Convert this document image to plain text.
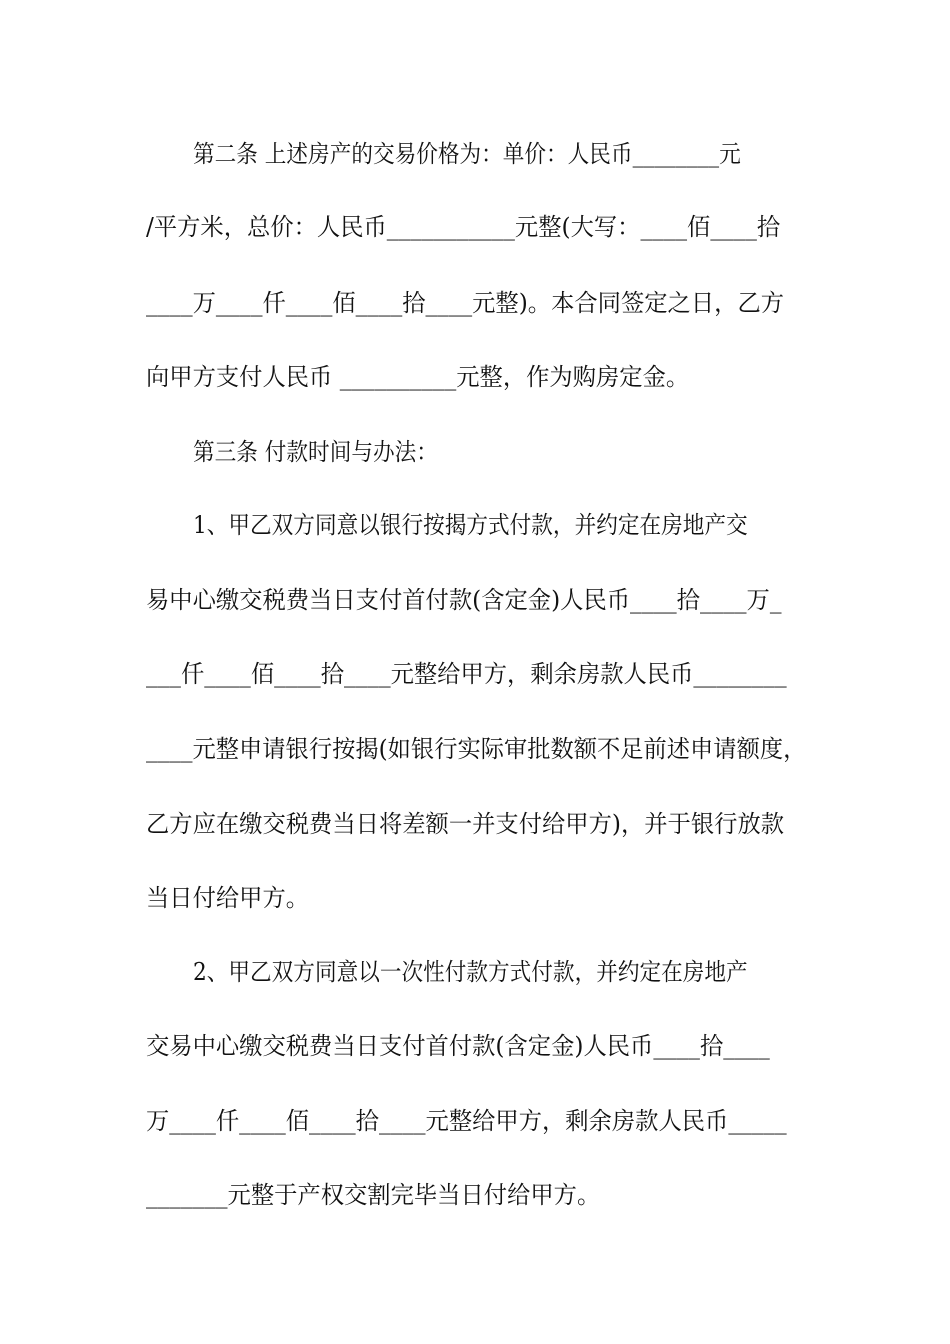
第二条 上述房产的交易价格为：单价：人民币________元
/平方米，总价：人民币___________元整(大写：____佰____拾
____万____仟____佰____拾____元整)。本合同签定之日，乙方
向甲方支付人民币 __________元整，作为购房定金。
第三条 付款时间与办法：
1、甲乙双方同意以银行按揭方式付款，并约定在房地产交
易中心缴交税费当日支付首付款(含定金)人民币____拾____万_
___仟____佰____拾____元整给甲方，剩余房款人民币________
____元整申请银行按揭(如银行实际审批数额不足前述申请额度，
乙方应在缴交税费当日将差额一并支付给甲方)，并于银行放款
当日付给甲方。
2、甲乙双方同意以一次性付款方式付款，并约定在房地产
交易中心缴交税费当日支付首付款(含定金)人民币____拾____
万____仟____佰____拾____元整给甲方，剩余房款人民币_____
_______元整于产权交割完毕当日付给甲方。
